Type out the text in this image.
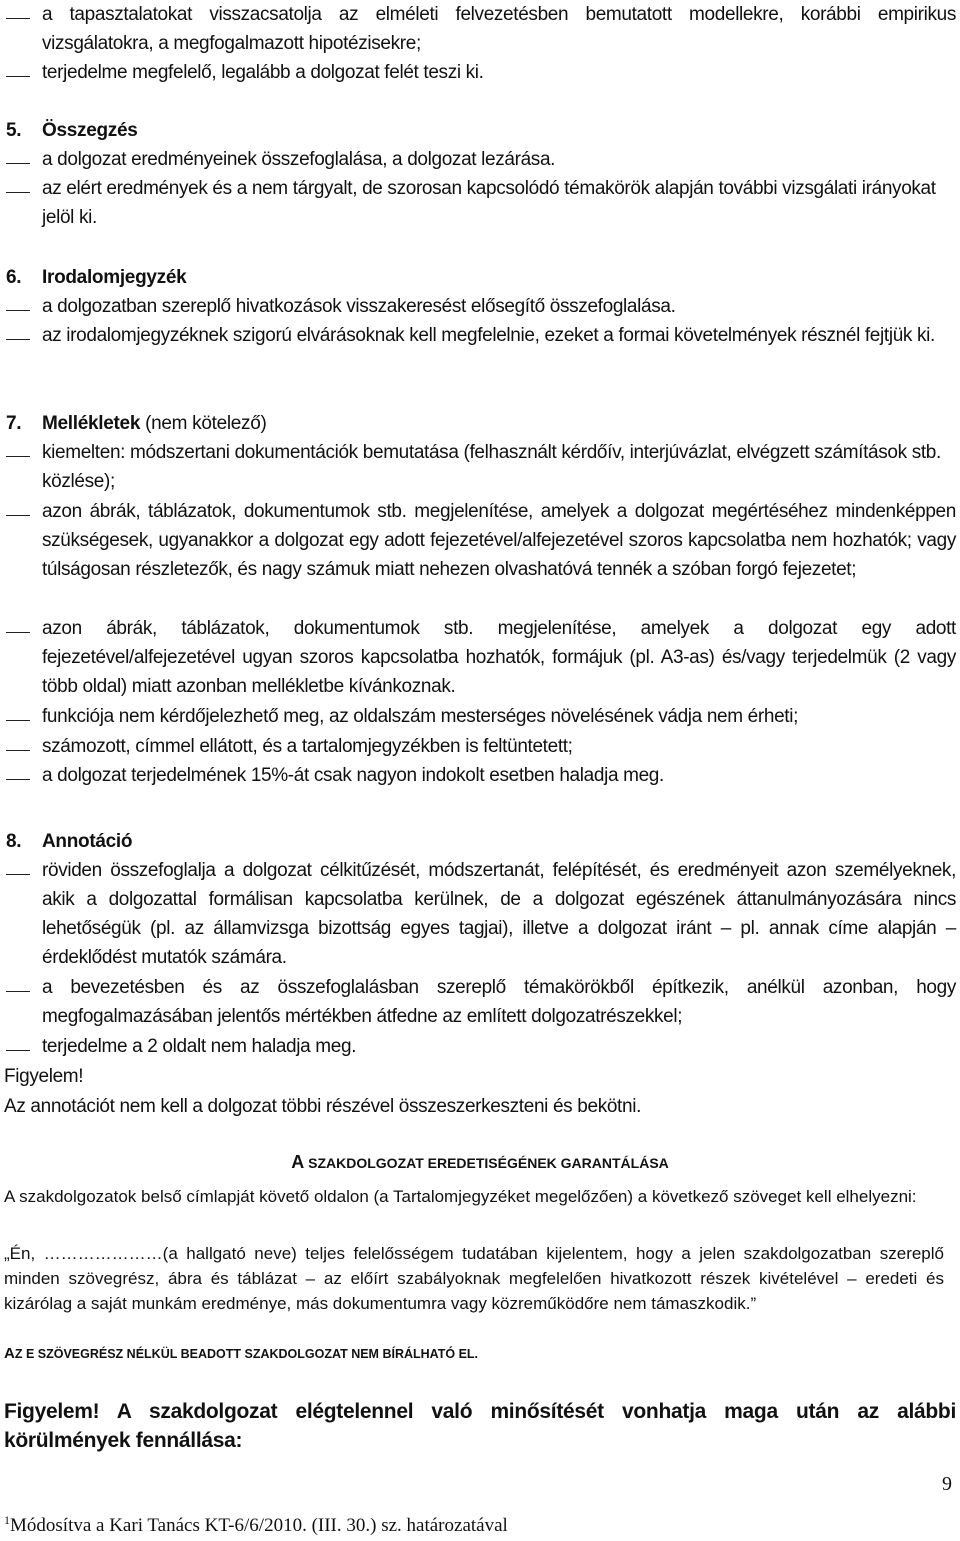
a tapasztalatokat visszacsatolja az elméleti felvezetésben bemutatott modellekre, korábbi empirikus vizsgálatokra, a megfogalmazott hipotézisekre;
terjedelme megfelelő, legalább a dolgozat felét teszi ki.
5. Összegzés
a dolgozat eredményeinek összefoglalása, a dolgozat lezárása.
az elért eredmények és a nem tárgyalt, de szorosan kapcsolódó témakörök alapján további vizsgálati irányokat jelöl ki.
6. Irodalomjegyzék
a dolgozatban szereplő hivatkozások visszakeresést elősegítő összefoglalása.
az irodalomjegyzéknek szigorú elvárásoknak kell megfelelnie, ezeket a formai követelmények résznél fejtjük ki.
7. Mellékletek (nem kötelező)
kiemelten: módszertani dokumentációk bemutatása (felhasznált kérdőív, interjúvázlat, elvégzett számítások stb. közlése);
azon ábrák, táblázatok, dokumentumok stb. megjelenítése, amelyek a dolgozat megértéséhez mindenképpen szükségesek, ugyanakkor a dolgozat egy adott fejezetével/alfejezetével szoros kapcsolatba nem hozhatók; vagy túlságosan részletezők, és nagy számuk miatt nehezen olvashatóvá tennék a szóban forgó fejezetet;
azon ábrák, táblázatok, dokumentumok stb. megjelenítése, amelyek a dolgozat egy adott fejezetével/alfejezetével ugyan szoros kapcsolatba hozhatók, formájuk (pl. A3-as) és/vagy terjedelmük (2 vagy több oldal) miatt azonban mellékletbe kívánkoznak.
funkciója nem kérdőjelezhető meg, az oldalszám mesterséges növelésének vádja nem érheti;
számozott, címmel ellátott, és a tartalomjegyzékben is feltüntetett;
a dolgozat terjedelmének 15%-át csak nagyon indokolt esetben haladja meg.
8. Annotáció
röviden összefoglalja a dolgozat célkitűzését, módszertanát, felépítését, és eredményeit azon személyeknek, akik a dolgozattal formálisan kapcsolatba kerülnek, de a dolgozat egészének áttanulmányozására nincs lehetőségük (pl. az államvizsga bizottság egyes tagjai), illetve a dolgozat iránt – pl. annak címe alapján – érdeklődést mutatók számára.
a bevezetésben és az összefoglalásban szereplő témakörökből építkezik, anélkül azonban, hogy megfogalmazásában jelentős mértékben átfedne az említett dolgozatrészekkel;
terjedelme a 2 oldalt nem haladja meg.
Figyelem!
Az annotációt nem kell a dolgozat többi részével összeszerkeszteni és bekötni.
A SZAKDOLGOZAT EREDETISÉGÉNEK GARANTÁLÁSA
A szakdolgozatok belső címlapját követő oldalon (a Tartalomjegyzéket megelőzően) a következő szöveget kell elhelyezni:
„Én, …………………(a hallgató neve) teljes felelősségem tudatában kijelentem, hogy a jelen szakdolgozatban szereplő minden szövegrész, ábra és táblázat – az előírt szabályoknak megfelelően hivatkozott részek kivételével – eredeti és kizárólag a saját munkám eredménye, más dokumentumra vagy közreműködőre nem támaszkodik.”
AZ E SZÖVEGRÉSZ NÉLKÜL BEADOTT SZAKDOLGOZAT NEM BÍRÁLHATÓ EL.
Figyelem! A szakdolgozat elégtelennel való minősítését vonhatja maga után az alábbi körülmények fennállása:
9
$^1$Módosítva a Kari Tanács KT-6/6/2010. (III. 30.) sz. határozatával
